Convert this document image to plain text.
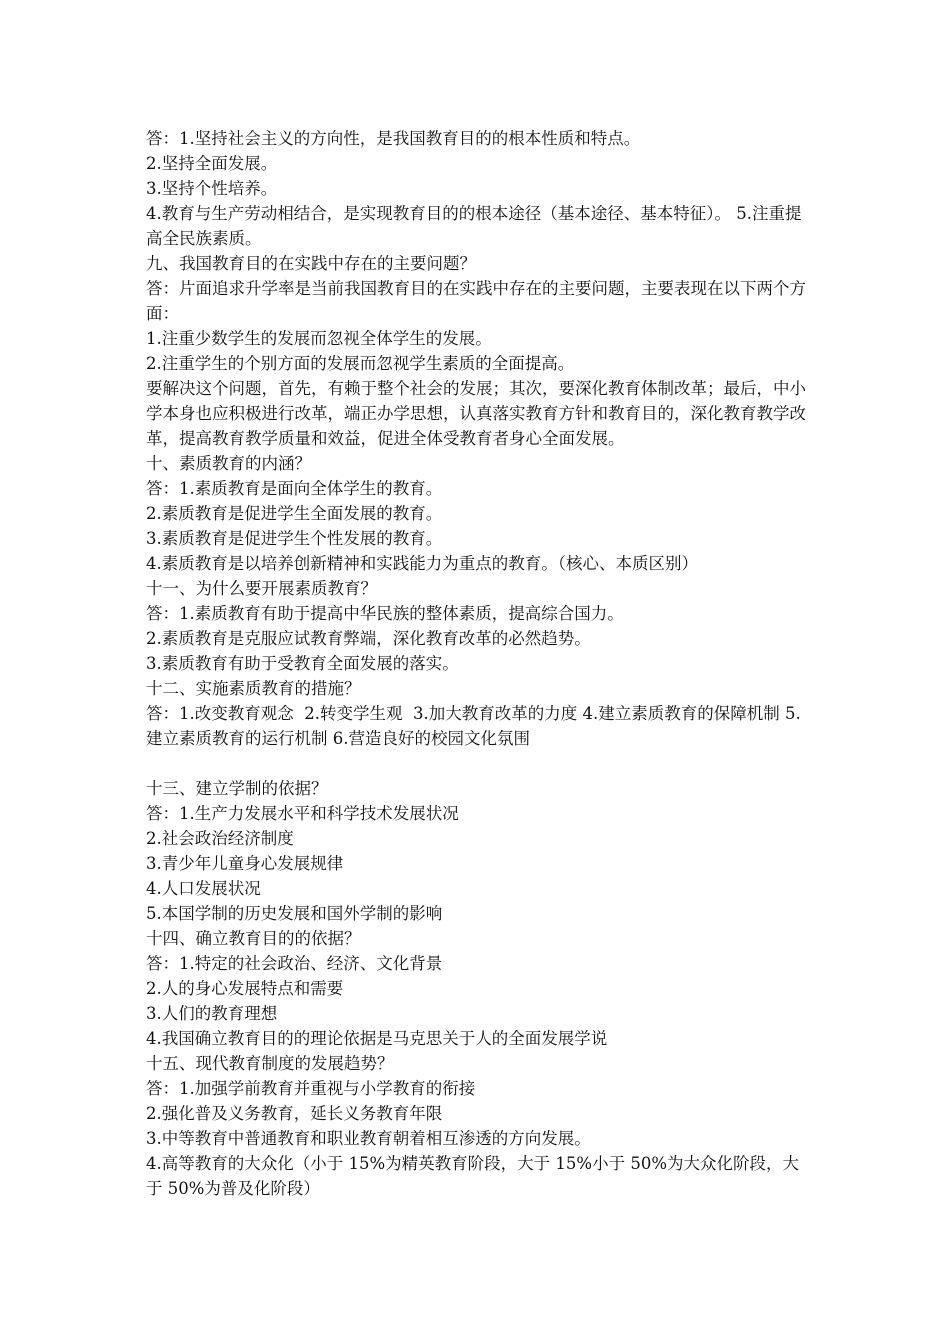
答：1.坚持社会主义的方向性，是我国教育目的的根本性质和特点。

2.坚持全面发展。

3.坚持个性培养。

4.教育与生产劳动相结合，是实现教育目的的根本途径（基本途径、基本特征）。 5.注重提高全民族素质。

九、我国教育目的在实践中存在的主要问题？

答：片面追求升学率是当前我国教育目的在实践中存在的主要问题，主要表现在以下两个方面：

1.注重少数学生的发展而忽视全体学生的发展。

2.注重学生的个别方面的发展而忽视学生素质的全面提高。

要解决这个问题，首先，有赖于整个社会的发展；其次，要深化教育体制改革；最后，中小学本身也应积极进行改革，端正办学思想，认真落实教育方针和教育目的，深化教育教学改革，提高教育教学质量和效益，促进全体受教育者身心全面发展。

十、素质教育的内涵？

答：1.素质教育是面向全体学生的教育。

2.素质教育是促进学生全面发展的教育。

3.素质教育是促进学生个性发展的教育。

4.素质教育是以培养创新精神和实践能力为重点的教育。（核心、本质区别）

十一、为什么要开展素质教育？

答：1.素质教育有助于提高中华民族的整体素质，提高综合国力。

2.素质教育是克服应试教育弊端，深化教育改革的必然趋势。

3.素质教育有助于受教育全面发展的落实。

十二、实施素质教育的措施？

答：1.改变教育观念  2.转变学生观  3.加大教育改革的力度 4.建立素质教育的保障机制 5.建立素质教育的运行机制 6.营造良好的校园文化氛围

十三、建立学制的依据？

答：1.生产力发展水平和科学技术发展状况

2.社会政治经济制度

3.青少年儿童身心发展规律

4.人口发展状况

5.本国学制的历史发展和国外学制的影响

十四、确立教育目的的依据？

答：1.特定的社会政治、经济、文化背景

2.人的身心发展特点和需要

3.人们的教育理想

4.我国确立教育目的的理论依据是马克思关于人的全面发展学说

十五、现代教育制度的发展趋势？

答：1.加强学前教育并重视与小学教育的衔接

2.强化普及义务教育，延长义务教育年限

3.中等教育中普通教育和职业教育朝着相互渗透的方向发展。

4.高等教育的大众化（小于 15%为精英教育阶段，大于 15%小于 50%为大众化阶段，大于 50%为普及化阶段）
